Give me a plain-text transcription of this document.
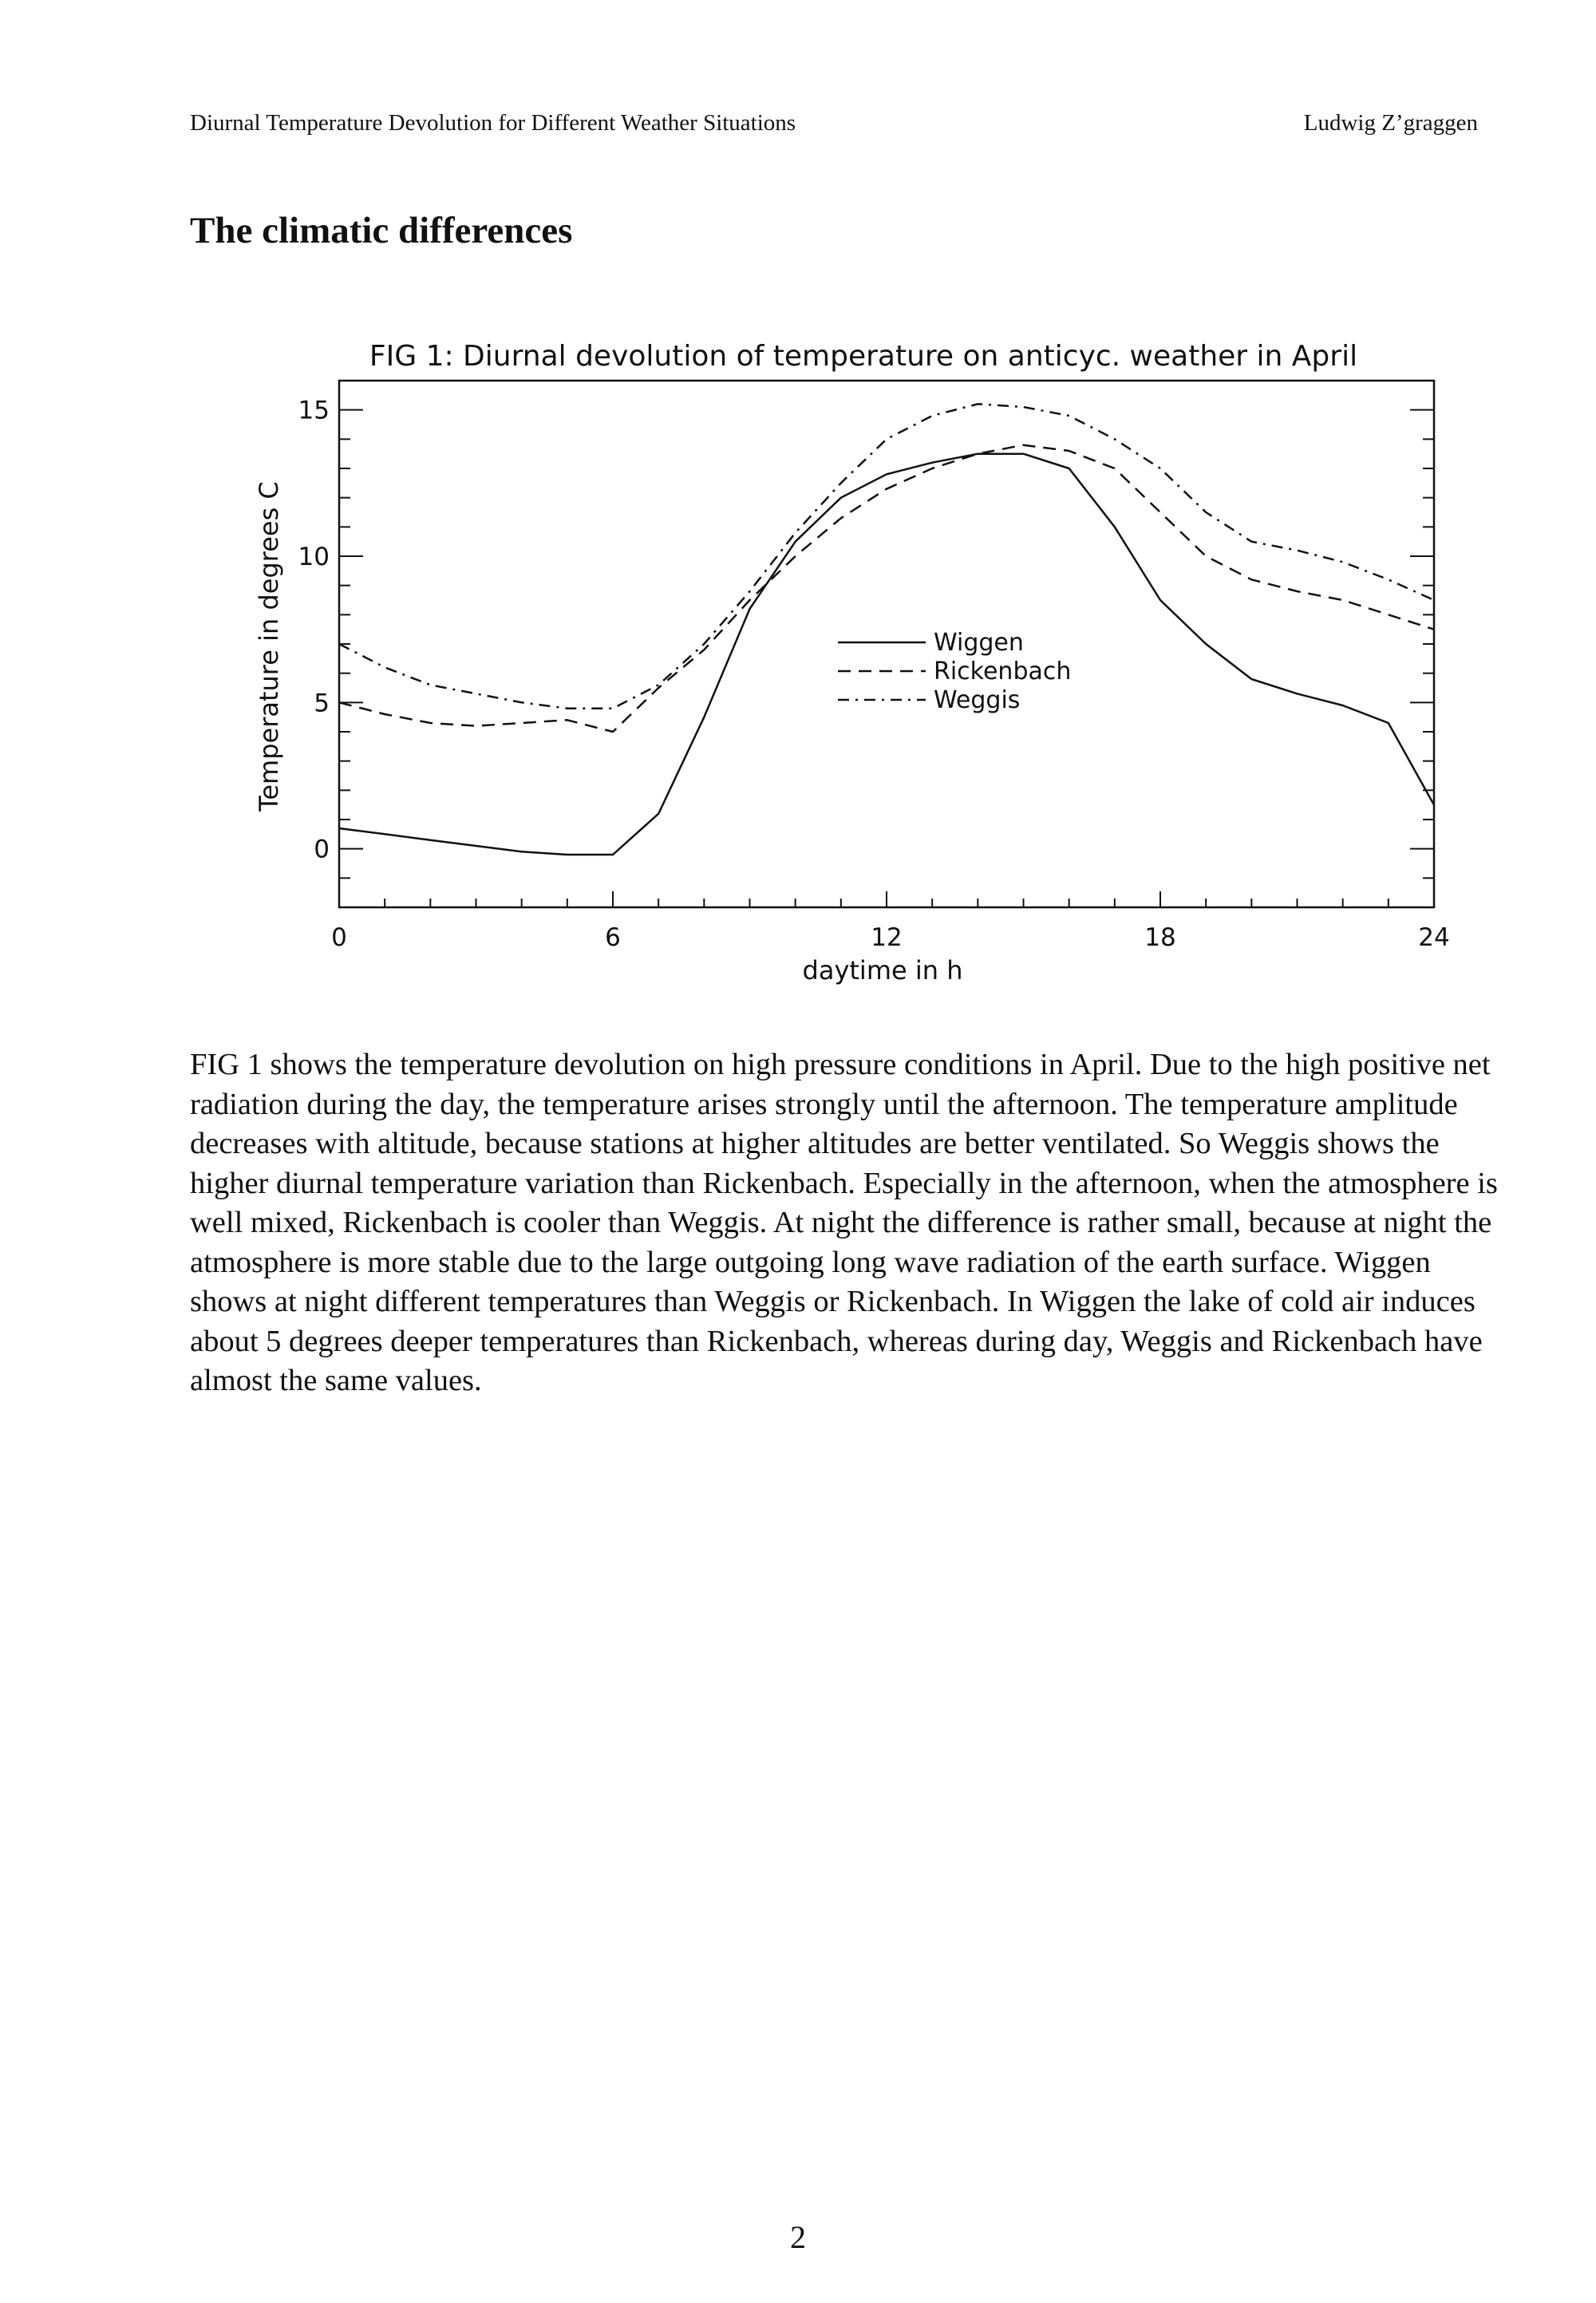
Diurnal Temperature Devolution for Different Weather Situations	Ludwig Z’graggen
The climatic differences
FIG 1: Diurnal devolution of temperature on anticyc. weather in April
0	6	12	18	24
0
5
10
15
daytime in h
Temperature in degrees C	Wiggen
Rickenbach
Weggis

FIG 1 shows the temperature devolution on high pressure conditions in April. Due to the high positive net radiation during the day, the temperature arises strongly until the afternoon. The temperature amplitude decreases with altitude, because stations at higher altitudes are better ventilated. So Weggis shows the higher diurnal temperature variation than Rickenbach. Especially in the afternoon, when the atmosphere is well mixed, Rickenbach is cooler than Weggis. At night the difference is rather small, because at night the atmosphere is more stable due to the large outgoing long wave radiation of the earth surface. Wiggen shows at night different temperatures than Weggis or Rickenbach. In Wiggen the lake of cold air induces about 5 degrees deeper temperatures than Rickenbach, whereas during day, Weggis and Rickenbach have almost the same values.

2
